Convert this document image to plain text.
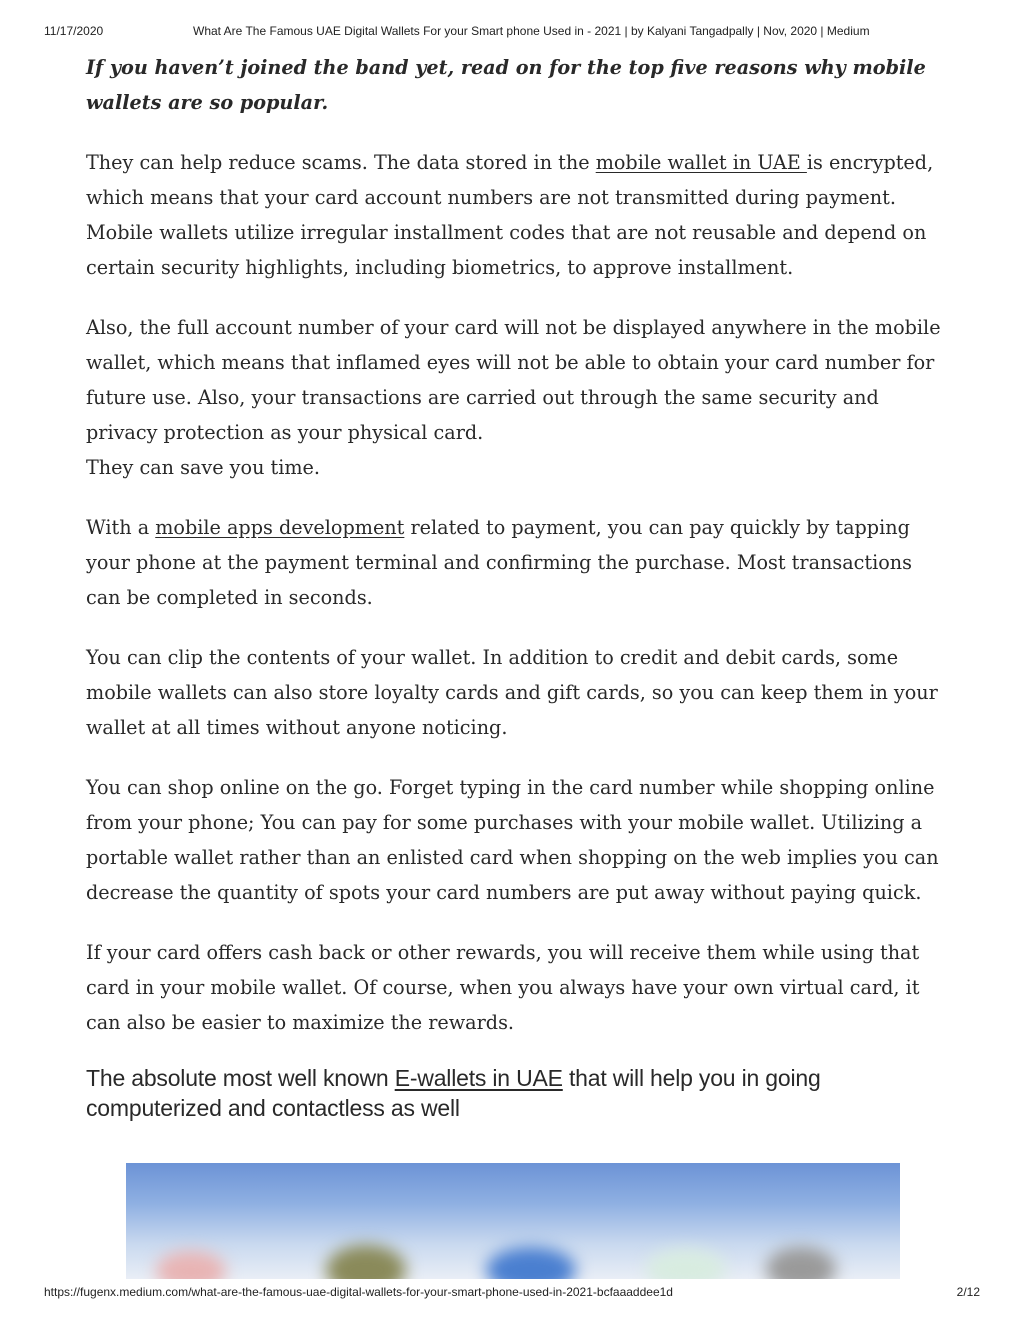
11/17/2020	What Are The Famous UAE Digital Wallets For your Smart phone Used in - 2021 | by Kalyani Tangadpally | Nov, 2020 | Medium

If you haven’t joined the band yet, read on for the top five reasons why mobile wallets are so popular.

They can help reduce scams. The data stored in the mobile wallet in UAE is encrypted, which means that your card account numbers are not transmitted during payment. Mobile wallets utilize irregular installment codes that are not reusable and depend on certain security highlights, including biometrics, to approve installment.

Also, the full account number of your card will not be displayed anywhere in the mobile wallet, which means that inflamed eyes will not be able to obtain your card number for future use. Also, your transactions are carried out through the same security and privacy protection as your physical card.
They can save you time.

With a mobile apps development related to payment, you can pay quickly by tapping your phone at the payment terminal and confirming the purchase. Most transactions can be completed in seconds.

You can clip the contents of your wallet. In addition to credit and debit cards, some mobile wallets can also store loyalty cards and gift cards, so you can keep them in your wallet at all times without anyone noticing.

You can shop online on the go. Forget typing in the card number while shopping online from your phone; You can pay for some purchases with your mobile wallet. Utilizing a portable wallet rather than an enlisted card when shopping on the web implies you can decrease the quantity of spots your card numbers are put away without paying quick.

If your card offers cash back or other rewards, you will receive them while using that card in your mobile wallet. Of course, when you always have your own virtual card, it can also be easier to maximize the rewards.

The absolute most well known E-wallets in UAE that will help you in going computerized and contactless as well
https://fugenx.medium.com/what-are-the-famous-uae-digital-wallets-for-your-smart-phone-used-in-2021-bcfaaaddee1d	2/12
